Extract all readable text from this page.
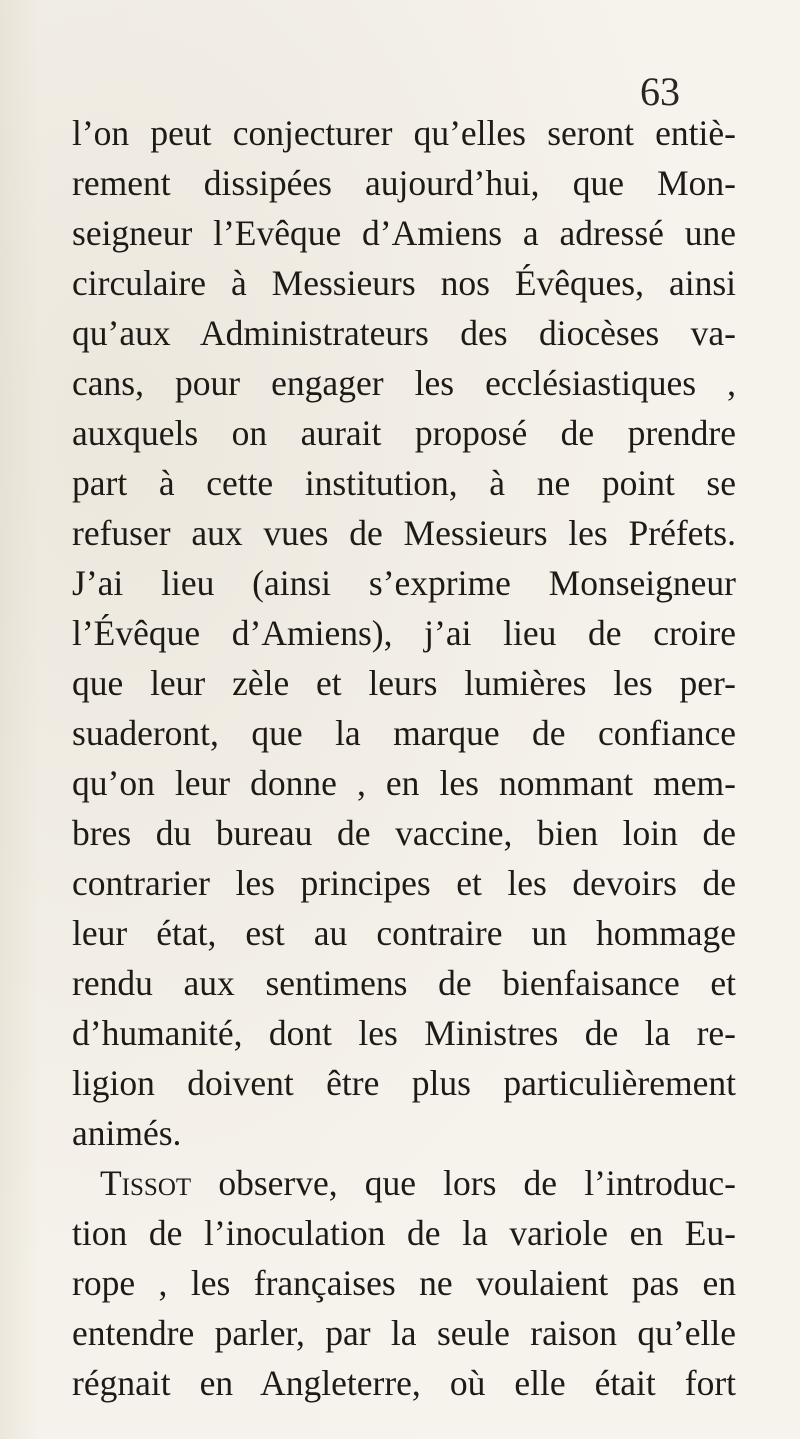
63
l’on peut conjecturer qu’elles seront entiè-
rement dissipées aujourd’hui, que Mon-
seigneur l’Evêque d’Amiens a adressé une
circulaire à Messieurs nos Évêques, ainsi
qu’aux Administrateurs des diocèses va-
cans, pour engager les ecclésiastiques ,
auxquels on aurait proposé de prendre
part à cette institution, à ne point se
refuser aux vues de Messieurs les Préfets.
J’ai lieu (ainsi s’exprime Monseigneur
l’Évêque d’Amiens), j’ai lieu de croire
que leur zèle et leurs lumières les per-
suaderont, que la marque de confiance
qu’on leur donne , en les nommant mem-
bres du bureau de vaccine, bien loin de
contrarier les principes et les devoirs de
leur état, est au contraire un hommage
rendu aux sentimens de bienfaisance et
d’humanité, dont les Ministres de la re-
ligion doivent être plus particulièrement
animés.
Tissot observe, que lors de l’introduc-
tion de l’inoculation de la variole en Eu-
rope , les françaises ne voulaient pas en
entendre parler, par la seule raison qu’elle
régnait en Angleterre, où elle était fort
